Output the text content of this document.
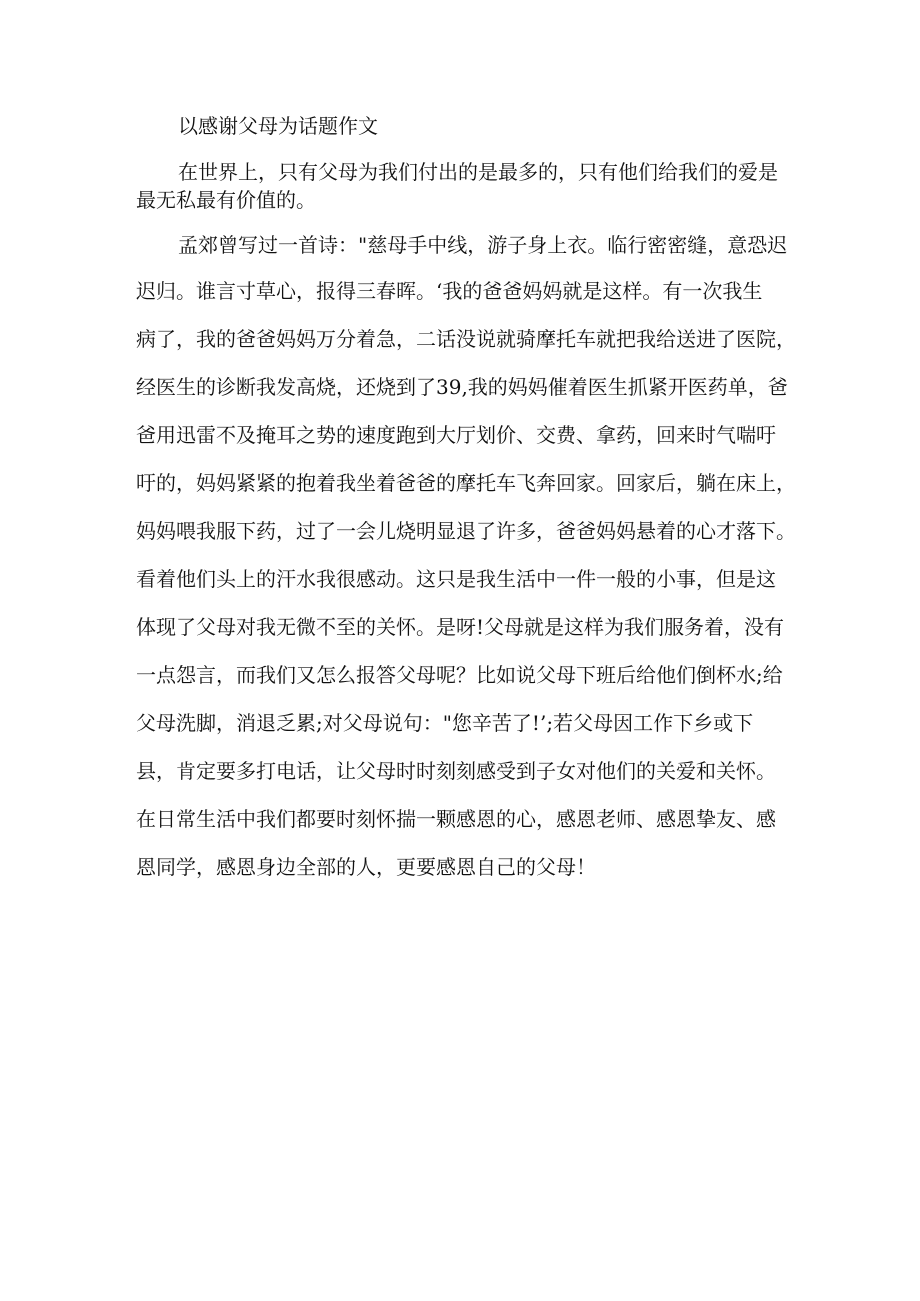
以感谢父母为话题作文
在世界上，只有父母为我们付出的是最多的，只有他们给我们的爱是
最无私最有价值的。
孟郊曾写过一首诗："慈母手中线，游子身上衣。临行密密缝，意恐迟
迟归。谁言寸草心，报得三春晖。‘我的爸爸妈妈就是这样。有一次我生
病了，我的爸爸妈妈万分着急，二话没说就骑摩托车就把我给送进了医院，
经医生的诊断我发高烧，还烧到了39,我的妈妈催着医生抓紧开医药单，爸
爸用迅雷不及掩耳之势的速度跑到大厅划价、交费、拿药，回来时气喘吁
吁的，妈妈紧紧的抱着我坐着爸爸的摩托车飞奔回家。回家后，躺在床上，
妈妈喂我服下药，过了一会儿烧明显退了许多，爸爸妈妈悬着的心才落下。
看着他们头上的汗水我很感动。这只是我生活中一件一般的小事，但是这
体现了父母对我无微不至的关怀。是呀!父母就是这样为我们服务着，没有
一点怨言，而我们又怎么报答父母呢？比如说父母下班后给他们倒杯水;给
父母洗脚，消退乏累;对父母说句："您辛苦了!’;若父母因工作下乡或下
县，肯定要多打电话，让父母时时刻刻感受到子女对他们的关爱和关怀。
在日常生活中我们都要时刻怀揣一颗感恩的心，感恩老师、感恩挚友、感
恩同学，感恩身边全部的人，更要感恩自己的父母！
